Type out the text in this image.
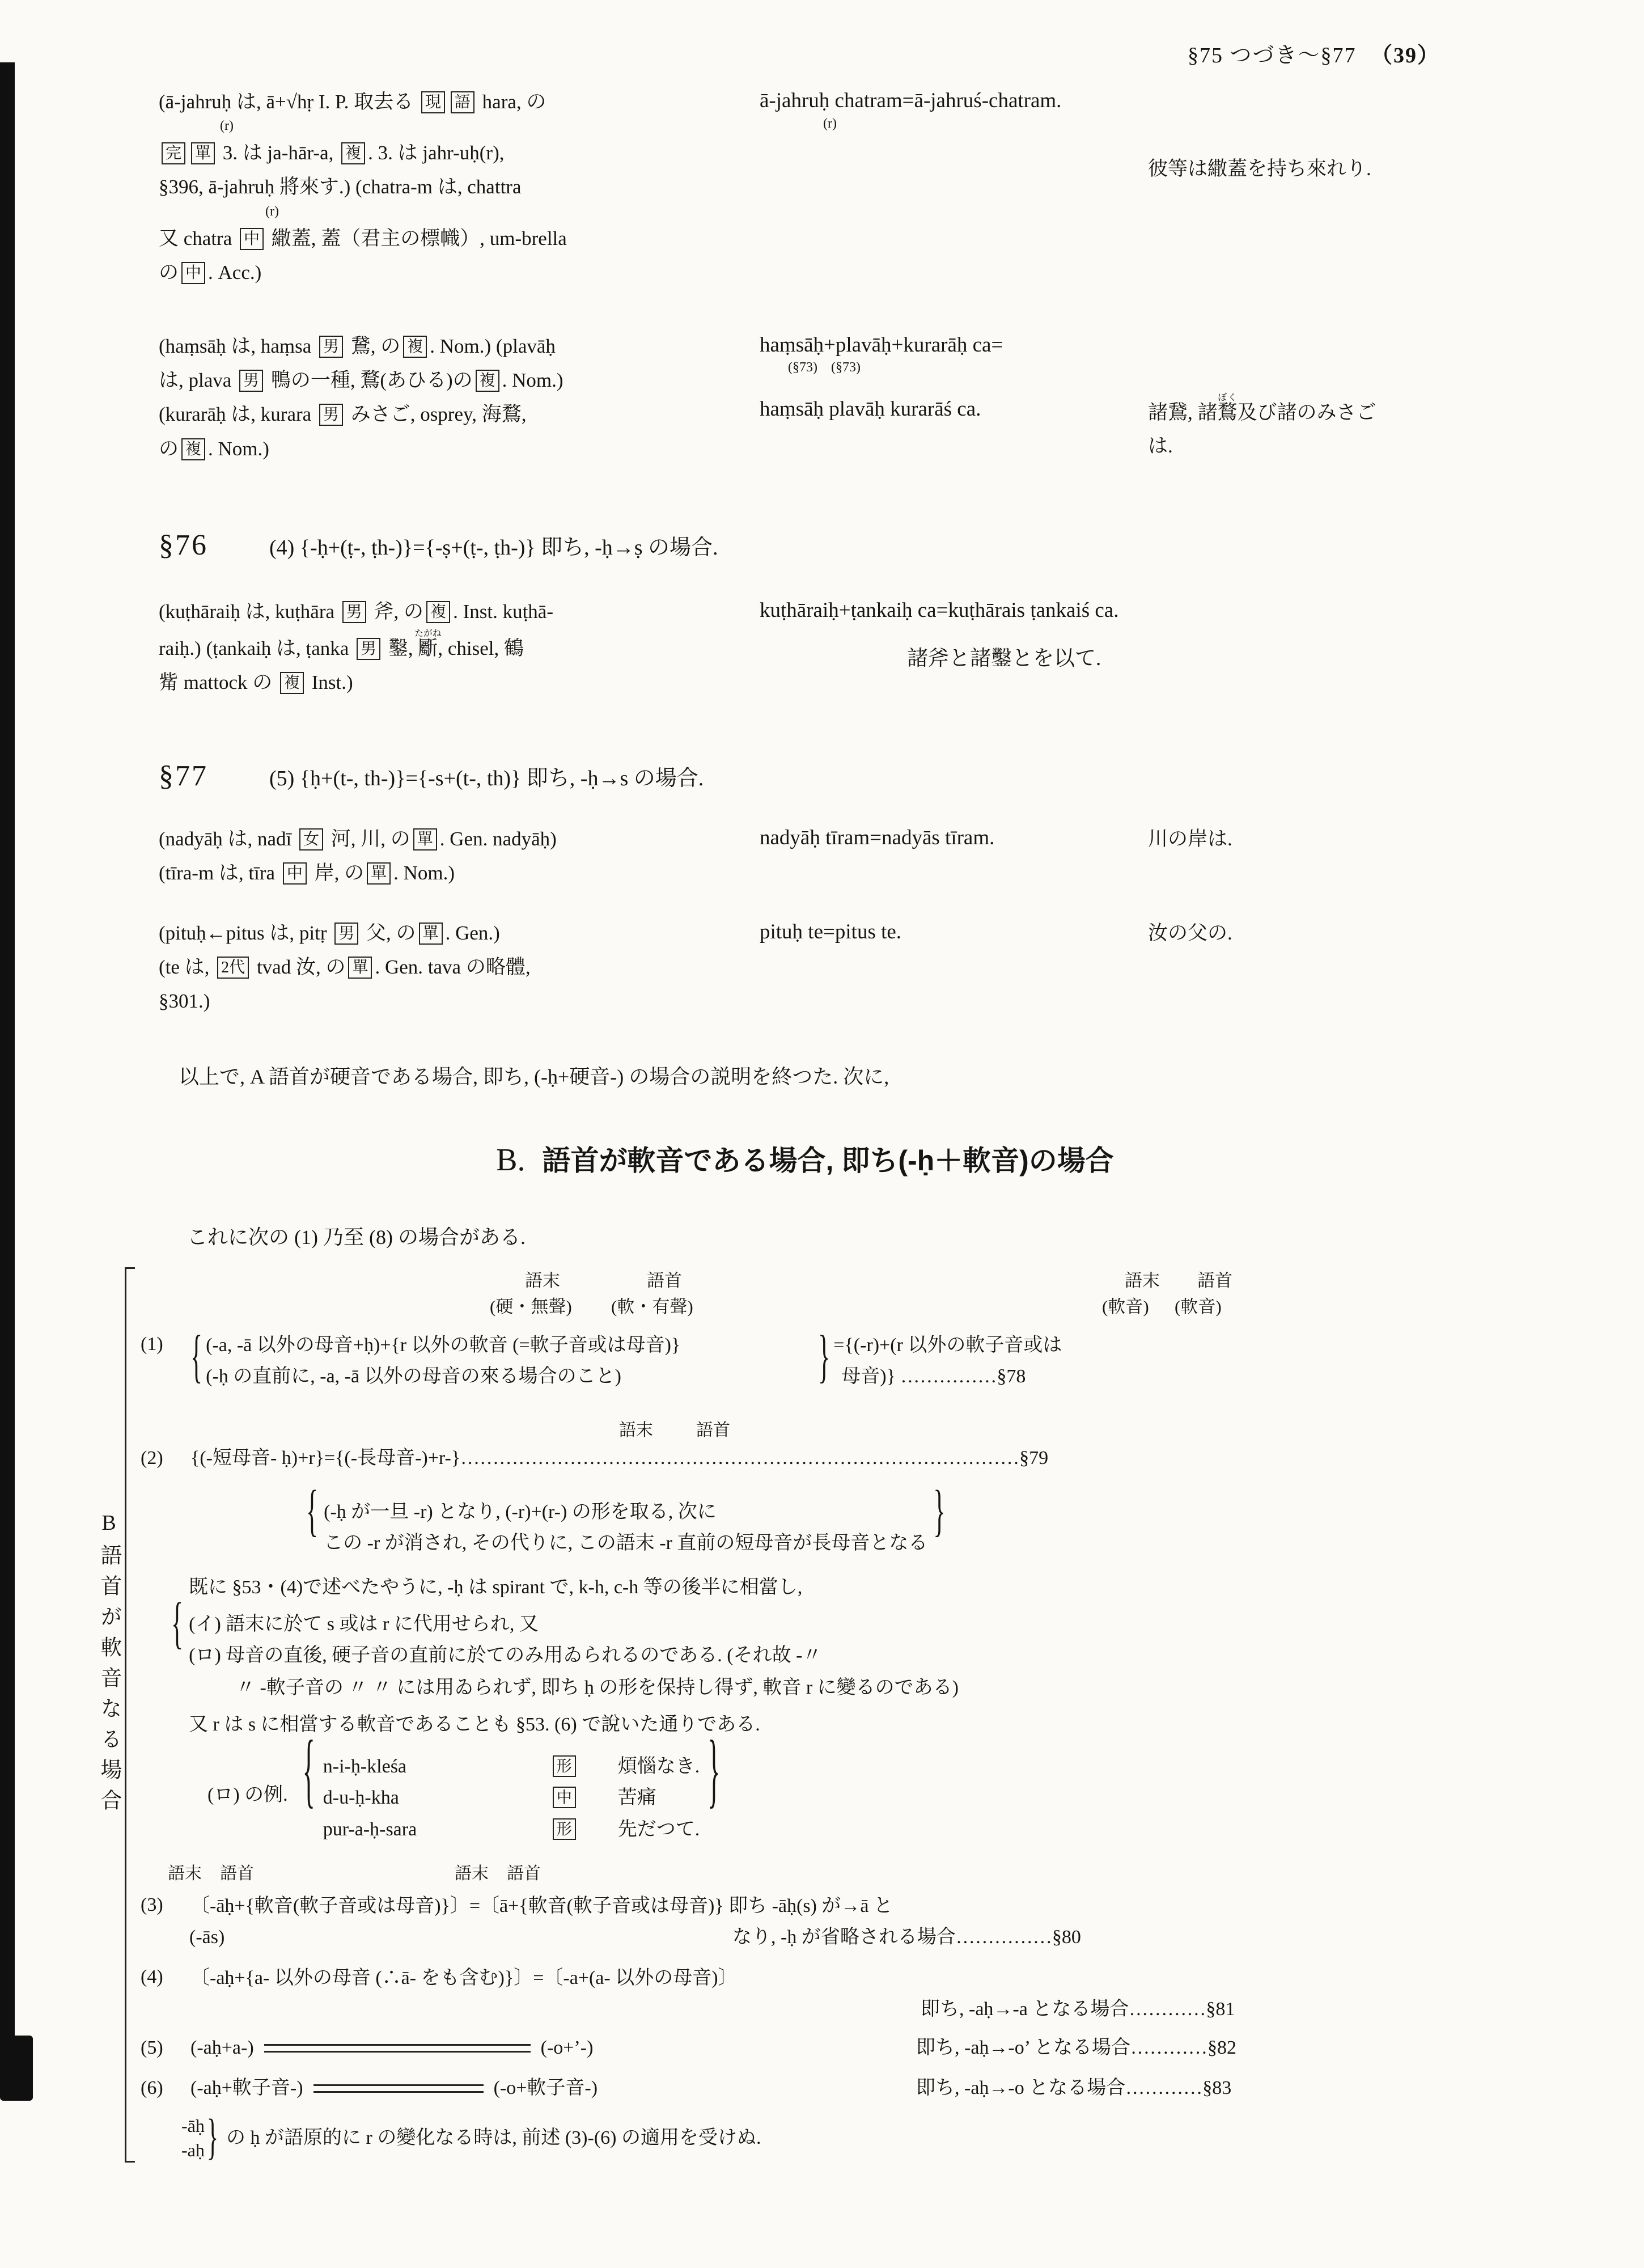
§75 つづき〜§77 （39）
(ā-jahruḥ は, ā+√hṛ I. P. 取去る 現 語 hara, の
(r)
完 單 3. は ja-hār-a, 複 . 3. は jahr-uḥ(r),
§396, ā-jahruḥ 將來す.) (chatra-m は, chattra
(r)
又 chatra 中 繖蓋, 蓋（君主の標幟）, um-brella
の 中 . Acc.)
ā-jahruḥ chatram=ā-jahruś-chatram.
(r)
彼等は繖蓋を持ち來れり.
(haṃsāḥ は, haṃsa 男 鵞, の 複 . Nom.) (plavāḥ
は, plava 男 鴨の一種, 鶩(あひる)の 複 . Nom.)
(kurarāḥ は, kurara 男 みさご, osprey, 海鶩,
の 複 . Nom.)
haṃsāḥ+plavāḥ+kurarāḥ ca=
(§73)    (§73)
haṃsāḥ plavāḥ kurarāś ca.	諸鵞, 諸鶩ぼく及び諸のみさご
は.
§76	(4) {-ḥ+(ṭ-, ṭh-)}={-ṣ+(ṭ-, ṭh-)} 即ち, -ḥ→ṣ の場合.
(kuṭhāraiḥ は, kuṭhāra 男 斧, の 複 . Inst. kuṭhā-
raiḥ.) (ṭankaiḥ は, ṭanka 男 鑿, 斸たがね, chisel, 鶴
觜 mattock の 複 Inst.)
kuṭhāraiḥ+ṭankaiḥ ca=kuṭhārais ṭankaiś ca.
諸斧と諸鑿とを以て.
§77	(5) {ḥ+(t-, th-)}={-s+(t-, th)} 即ち, -ḥ→s の場合.
(nadyāḥ は, nadī 女 河, 川, の 單 . Gen. nadyāḥ)
(tīra-m は, tīra 中 岸, の 單 . Nom.)
nadyāḥ tīram=nadyās tīram.	川の岸は.
(pituḥ←pitus は, pitṛ 男 父, の 單 . Gen.)
(te は, 2代 tvad 汝, の 單 . Gen. tava の略體,
§301.)
pituḥ te=pitus te.	汝の父の.
以上で, A 語首が硬音である場合, 即ち, (-ḥ+硬音-) の場合の説明を終つた. 次に,
B. 語首が軟音である場合, 即ち(-ḥ＋軟音)の場合
これに次の (1) 乃至 (8) の場合がある.
B語首が軟音なる場合
語末	語首
(硬・無聲) (軟・有聲)
語末 語首
(軟音) (軟音)
(1)	{ (-a, -ā 以外の母音+ḥ)+{r 以外の軟音 (=軟子音或は母音)}
(-ḥ の直前に, -a, -ā 以外の母音の來る場合のこと)	} ={(-r)+(r 以外の軟子音或は
母音)} ……………§78
語末	語首
(2)	{(-短母音- ḥ)+r}={(-長母音-)+r-} ……………………………………………………………………………§79
{ (-ḥ が一旦 -r) となり, (-r)+(r-) の形を取る, 次に
この -r が消され, その代りに, この語末 -r 直前の短母音が長母音となる
}
既に §53・(4)で述べたやうに, -ḥ は spirant で, k-h, c-h 等の後半に相當し,
{ (イ) 語末に於て s 或は r に代用せられ, 又
(ロ) 母音の直後, 硬子音の直前に於てのみ用ゐられるのである. (それ故 -〃
〃 -軟子音の 〃 〃 には用ゐられず, 即ち ḥ の形を保持し得ず, 軟音 r に變るのである)
又 r は s に相當する軟音であることも §53. (6) で說いた通りである.
(ロ) の例. { n-i-ḥ-kleśa	形	煩惱なき.
d-u-ḥ-kha	中	苦痛
pur-a-ḥ-sara	形	先だつて.
}
語末 語首	語末 語首
(3)	〔-āḥ+{軟音(軟子音或は母音)}〕=〔ā+{軟音(軟子音或は母音)} 即ち -āḥ(s) が→ā と
(-ās)	なり, -ḥ が省略される場合……………§80
(4)	〔-aḥ+{a- 以外の母音 (∴ā- をも含む)}〕=〔-a+(a- 以外の母音)〕
即ち, -aḥ→-a となる場合…………§81
(5)	(-aḥ+a-)	(-o+’-)	即ち, -aḥ→-o’ となる場合…………§82
(6)	(-aḥ+軟子音-)	(-o+軟子音-)	即ち, -aḥ→-o となる場合…………§83
-āḥ
-aḥ } の ḥ が語原的に r の變化なる時は, 前述 (3)-(6) の適用を受けぬ.
